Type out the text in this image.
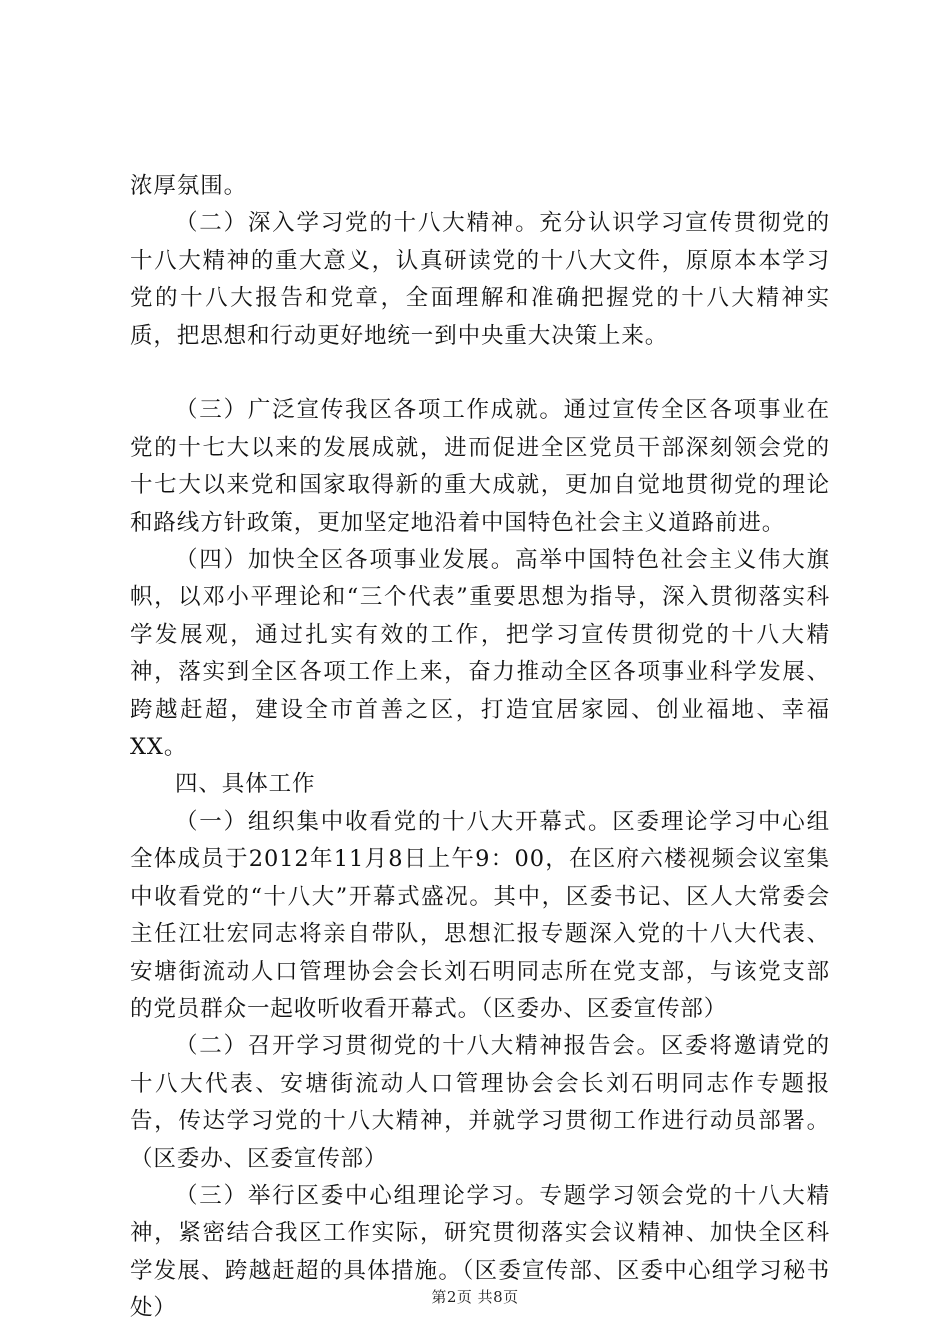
浓厚氛围。

（二）深入学习党的十八大精神。充分认识学习宣传贯彻党的十八大精神的重大意义，认真研读党的十八大文件，原原本本学习党的十八大报告和党章，全面理解和准确把握党的十八大精神实质，把思想和行动更好地统一到中央重大决策上来。

（三）广泛宣传我区各项工作成就。通过宣传全区各项事业在党的十七大以来的发展成就，进而促进全区党员干部深刻领会党的十七大以来党和国家取得新的重大成就，更加自觉地贯彻党的理论和路线方针政策，更加坚定地沿着中国特色社会主义道路前进。

（四）加快全区各项事业发展。高举中国特色社会主义伟大旗帜，以邓小平理论和“三个代表”重要思想为指导，深入贯彻落实科学发展观，通过扎实有效的工作，把学习宣传贯彻党的十八大精神，落实到全区各项工作上来，奋力推动全区各项事业科学发展、跨越赶超，建设全市首善之区，打造宜居家园、创业福地、幸福XX。

四、具体工作

（一）组织集中收看党的十八大开幕式。区委理论学习中心组全体成员于2012年11月8日上午9：00，在区府六楼视频会议室集中收看党的“十八大”开幕式盛况。其中，区委书记、区人大常委会主任江壮宏同志将亲自带队，思想汇报专题深入党的十八大代表、安塘街流动人口管理协会会长刘石明同志所在党支部，与该党支部的党员群众一起收听收看开幕式。（区委办、区委宣传部）

（二）召开学习贯彻党的十八大精神报告会。区委将邀请党的十八大代表、安塘街流动人口管理协会会长刘石明同志作专题报告，传达学习党的十八大精神，并就学习贯彻工作进行动员部署。（区委办、区委宣传部）

（三）举行区委中心组理论学习。专题学习领会党的十八大精神，紧密结合我区工作实际，研究贯彻落实会议精神、加快全区科学发展、跨越赶超的具体措施。（区委宣传部、区委中心组学习秘书处）	第2页 共8页
